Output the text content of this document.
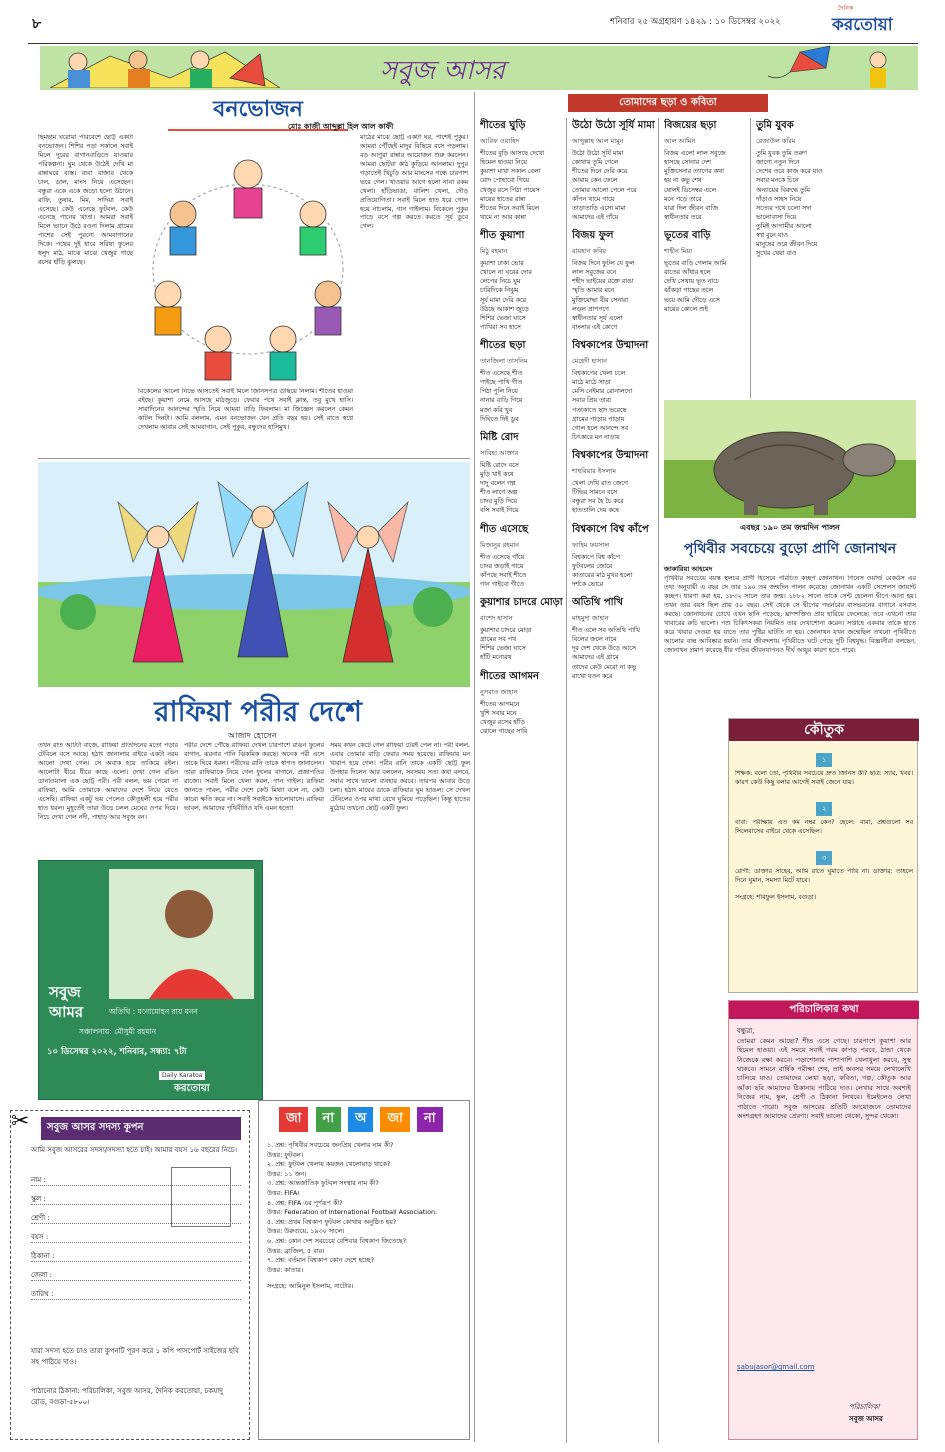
৮	শনিবার ২৫ অগ্রহায়ণ ১৪২৯ : ১০ ডিসেম্বর ২০২২
দৈনিক
করতোয়া
সবুজ আসর
বনভোজন
মোঃ কাজী আব্দুল্লা হিল আল কাফী
ছিমছাম ঘরোয়া পরিবেশে ছোট্ট একটা বনভোজন। শিশির পড়া সকালে সবাই মিলে দূরের বাগানবাড়িতে যাওয়ার পরিকল্পনা। ঘুম থেকে উঠেই দেখি মা রান্নাঘরে ব্যস্ত। বাবা বাজার থেকে চাল, ডাল, মাংস নিয়ে এসেছেন। বন্ধুরা একে একে জড়ো হলো উঠানে। রাফি, তুষার, মিম, সাদিয়া সবাই এসেছে। কেউ এনেছে ফুটবল, কেউ এনেছে গানের খাতা। আমরা সবাই মিলে ভ্যানে উঠে রওনা দিলাম গ্রামের পাশের সেই পুরনো আমবাগানের দিকে। পথের দুই ধারে সরিষা ফুলের হলুদ মাঠ, মাঝে মাঝে খেজুর গাছে রসের হাঁড়ি ঝুলছে।
মাঠের মাঝে ছোট্ট একটা ঘর, পাশেই পুকুর। আমরা পৌঁছেই মাদুর বিছিয়ে বসে পড়লাম। বড় আপুরা রান্নার আয়োজন শুরু করলেন। আমরা ছোটরা কাঠ কুড়িয়ে আনলাম। দুপুর গড়াতেই খিচুড়ি আর মাংসের গন্ধে চারপাশ ভরে গেল। খাওয়ার আগে হলো নানা রকম খেলা। হাঁড়িভাঙা, বালিশ খেলা, দৌড় প্রতিযোগিতা। সবাই মিলে হাত ধরে গোল হয়ে নাচলাম, গান গাইলাম। বিকেলে পুকুর পাড়ে বসে গল্প করতে করতে সূর্য ডুবে গেল।
বিকেলের আলো নিভে আসতেই সবাই মিলে জিনিসপত্র গুছিয়ে নিলাম। শীতের হাওয়া বইছে। কুয়াশা নেমে আসছে মাঠজুড়ে। ফেরার পথে সবাই ক্লান্ত, তবু মুখে হাসি। সারাদিনের আনন্দের স্মৃতি নিয়ে আমরা বাড়ি ফিরলাম। মা জিজ্ঞেস করলেন কেমন কাটল দিনটা। আমি বললাম, এমন বনভোজন যেন প্রতি বছর হয়। সেই রাতে স্বপ্নে দেখলাম আবার সেই আমবাগান, সেই পুকুর, বন্ধুদের হাসিমুখ।
রাফিয়া পরীর দেশে
আজাদ হোসেন
তখন রাত আটটা বাজে, রাফিয়া প্রতিদিনের মতো পড়ার টেবিলে বসে আছে। হঠাৎ জানালার বাইরে একটা নরম আলো দেখা গেল। সে অবাক হয়ে তাকিয়ে রইল। আলোটা ধীরে ধীরে কাছে এলো। দেখা গেল রঙিন ডানাওয়ালা এক ছোট্ট পরী। পরী বলল, ভয় পেয়ো না রাফিয়া, আমি তোমাকে আমাদের দেশে নিয়ে যেতে এসেছি। রাফিয়া একটু ভয় পেলেও কৌতূহলী হয়ে পরীর হাত ধরল। মুহূর্তেই তারা উড়ে চলল মেঘের ওপর দিয়ে। নিচে দেখা গেল নদী, পাহাড় আর সবুজ বন।
পরীর দেশে পৌঁছে রাফিয়া দেখল চারপাশে রঙিন ফুলের বাগান, ঝরনার পানি ঝিকমিক করছে। অনেক পরী এসে তাকে ঘিরে ধরল। পরীদের রানি তাকে স্বাগত জানালেন। তারা রাফিয়াকে নিয়ে গেল ফুলের বাগানে, প্রজাপতির রাজ্যে। সবাই মিলে খেলা করল, গান গাইল। রাফিয়া জানতে পারল, পরীর দেশে কেউ মিথ্যা বলে না, কেউ কারো ক্ষতি করে না। সবাই সবাইকে ভালোবাসে। রাফিয়া ভাবল, আমাদের পৃথিবীটাও যদি এমন হতো!
সময় কখন কেটে গেল রাফিয়া টেরই পেল না। পরী বলল, এবার তোমার বাড়ি ফেরার সময় হয়েছে। রাফিয়ার মন খারাপ হয়ে গেল। পরীর রানি তাকে একটি ছোট্ট ফুল উপহার দিলেন আর বললেন, সবসময় সত্য কথা বলবে, সবার সাথে ভালো ব্যবহার করবে। তারপর আবার উড়ে চলা। হঠাৎ মায়ের ডাকে রাফিয়ার ঘুম ভাঙল। সে দেখল টেবিলের ওপর মাথা রেখে ঘুমিয়ে পড়েছিল। কিন্তু হাতের মুঠোয় তখনো ছোট্ট একটি ফুল।
সবুজ
আমর	অতিথি : মনোমোহন রায় মনন
সঞ্চালনায়: মৌসুমী রহমান
১০ ডিসেম্বর ২০২২, শনিবার, সন্ধ্যা: ৭টা
Daily Karatoa
করতোয়া
✂	সবুজ আসর সদস্য কূপন
আমি সবুজ আসরের সদস্য/সদস্যা হতে চাই। আমার বয়স ১৬ বছরের নিচে।
নাম :
স্কুল :
শ্রেণী :
বয়স :
ঠিকানা :
জেলা :
তারিখ :
যারা সদস্য হতে চাও তারা কুপনটি পূরণ করে ১ কপি পাসপোর্ট সাইজের ছবি সহ পাঠিয়ে দাও।
পাঠানোর ঠিকানা: পরিচালিকা, সবুজ আসর, দৈনিক করতোয়া, চকযাদু রোড, বগুড়া-৫৮০০।
জা না অ জা না

১. প্রশ্ন: পৃথিবীর সবচেয়ে জনপ্রিয় খেলার নাম কী?

উত্তর: ফুটবল।

২. প্রশ্ন: ফুটবল খেলায় কয়জন খেলোয়াড় থাকে?

উত্তর: ১১ জন।

৩. প্রশ্ন: আন্তর্জাতিক ফুটবল সংস্থার নাম কী?

উত্তর: FIFA।

৪. প্রশ্ন: FIFA এর পূর্ণরূপ কী?

উত্তর: Federation of International Football Association.

৫. প্রশ্ন: প্রথম বিশ্বকাপ ফুটবল কোথায় অনুষ্ঠিত হয়?

উত্তর: উরুগুয়ে, ১৯৩০ সালে।

৬. প্রশ্ন: কোন দেশ সবচেয়ে বেশিবার বিশ্বকাপ জিতেছে?

উত্তর: ব্রাজিল, ৫ বার।

৭. প্রশ্ন: বর্তমান বিশ্বকাপ কোন দেশে হচ্ছে?

উত্তর: কাতার।

সংগ্রহে: আমিনুল ইসলাম, নাটোর।

তোমাদের ছড়া ও কবিতা
শীতের ঘুড়ি
আরিফ ওয়াহিদ

শীতের বুড়ি আসছে দেখো

হিমেল হাওয়া নিয়ে

কুয়াশা মাখা সকাল বেলা

রোদ পোহাবো গিয়ে

খেজুর রসে পিঠা পায়েস

মায়ের হাতের রান্না

শীতের দিনে সবাই মিলে

থামে না আর কান্না

শীত কুয়াশা
মিঠু রহমান

কুয়াশা ঢাকা ভোর

খোলে না ঘরের দোর

লেপের নিচে ঘুম

চারিদিকে নিঝুম

সূর্য মামা দেরি করে

উঠছে আকাশ জুড়ে

শিশির ভেজা ঘাসে

পাখিরা সব হাসে

শীতের ছড়া
তানজিলা তাসনিম

শীত এসেছে শীত

গাইছে পাখি গীত

পিঠা পুলি নিয়ে

নানার বাড়ি গিয়ে

মজা করি খুব

দিঘিতে দিই ডুব

মিষ্টি রোদ
সাবিহা আক্তার

মিষ্টি রোদে বসে

মুড়ি খাই কষে

দাদু বলেন গল্প

শীত লাগে অল্প

চাদর মুড়ি দিয়ে

বসি সবাই গিয়ে

শীত এসেছে
মিজানুর রহমান

শীত এসেছে গাঁয়ে

চাদর জড়াই গায়ে

কাঁপছে সবাই শীতে

গান গাইবো গীতে

কুয়াশার চাদরে মোড়া
রাশেদ হাসান

কুয়াশার চাদরে মোড়া

গ্রামের সব পথ

শিশির ভেজা ঘাসে

হাঁটি মনোরথ

শীতের আগমন
নুসরাত জাহান

শীতের আগমনে

খুশি সবার মনে

খেজুর রসের হাঁড়ি

ঝোলে গাছের সারি

উঠো উঠো সূর্যি মামা
আব্দুল্লাহ আল মামুন

উঠো উঠো সূর্যি মামা

কোথায় তুমি গেলে

শীতের দিনে দেরি করে

আমায় কেন ফেলে

তোমার আলো পেলে পরে

কাঁপন থামে গায়ে

তাড়াতাড়ি এসো মামা

আমাদের এই গাঁয়ে

বিজয় ফুল
রায়হান কবির

বিজয় দিনে ফুটল যে ফুল

লাল সবুজের বনে

শহীদ ভাইয়ের রক্তে রাঙা

স্মৃতি আমার মনে

মুক্তিযোদ্ধা বীর সেনারা

লড়ল প্রাণপণে

স্বাধীনতার সূর্য এলো

বাংলার এই কোণে

বিশ্বকাপের উন্মাদনা
মেহেদী হাসান

বিশ্বকাপের খেলা চলে

মাঠে মাঠে সাড়া

মেসি নেইমার রোনালদো

সবার প্রিয় তারা

পতাকাতে ছাদ ভরেছে

গ্রামের পাড়ায় পাড়ায়

গোল হলে আনন্দে সব

চিৎকারে মন নাড়ায়

বিশ্বকাপের উন্মাদনা
শাহরিয়ার ইসলাম

খেলা দেখি রাত জেগে

টিভির সামনে বসে

বন্ধুরা সব হৈ চৈ করে

হাততালি দেয় কষে

বিশ্বকাপে বিশ্ব কাঁপে
ফাহিম ফয়সাল

বিশ্বকাপে বিশ্ব কাঁপে

ফুটবলের জোরে

কাতারের মাঠ মুখর হলো

দর্শকে ভোরে

অতিথি পাখি
মাহমুদা জাহান

শীত এলে সব অতিথি পাখি

বিলের জলে নামে

দূর দেশ থেকে উড়ে আসে

আমাদের এই গ্রামে

তাদের কেউ মেরো না কভু

রাখো যতন করে

বিজয়ের ছড়া
আল আমিন

বিজয় এলো লাল সবুজে

হাসছে সোনার দেশ

মুক্তিসেনার ত্যাগের কথা

হয় না কভু শেষ

ষোলই ডিসেম্বর এলে

মনে পড়ে তারে

যারা দিল জীবন বাজি

স্বাধীনতার তরে

ভূতের বাড়ি
শাহীন মিয়া

ভূতের বাড়ি গেলাম আমি

রাতের আঁধার হলে

দেখি সেথায় ভূত নাচে

ঝাঁকড়া গাছের তলে

ভয়ে আমি দৌড়ে এসে

মায়ের কোলে শুই

তুমি যুবক
রেজাউল করিম

তুমি যুবক তুমি তরুণ

জাগো নতুন দিনে

দেশের তরে কাজ করে যাও

সবার মনকে চিনে

অন্যায়ের বিরুদ্ধে তুমি

দাঁড়াও সাহস নিয়ে

সত্যের পথে চলো সদা

ভালোবাসা দিয়ে

তুমিই আগামীর আলো

স্বপ্ন বুনে যাও

মানুষের তরে জীবন দিয়ে

সুখের খেয়া বাও

এবছর ১৯০ তম জন্মদিন পালন
পৃথিবীর সবচেয়ে বুড়ো প্রাণি জোনাথন
জাকারিয়া আহমেদ
পৃথিবীর সবচেয়ে বয়স্ক স্থলচর প্রাণী হিসেবে পরিচিত কচ্ছপ জোনাথন। গিনেস ওয়ার্ল্ড রেকর্ডস এর তথ্য অনুযায়ী এ বছর সে তার ১৯০ তম জন্মদিন পালন করেছে। জোনাথন একটি সেশেলস জায়ান্ট কচ্ছপ। ধারণা করা হয়, ১৮৩২ সালে তার জন্ম। ১৮৮২ সালে তাকে সেন্ট হেলেনা দ্বীপে আনা হয়। তখন তার বয়স ছিল প্রায় ৫০ বছর। সেই থেকে সে দ্বীপের গভর্নরের বাসভবনের বাগানে বসবাস করছে। জোনাথনের চোখে এখন ছানি পড়েছে, ঘ্রাণশক্তিও প্রায় হারিয়ে ফেলেছে। তবে এখনো তার খাবারের রুচি ভালো। পশু চিকিৎসকরা নিয়মিত তার দেখাশোনা করেন। সপ্তাহে একবার তাকে হাতে করে খাবার দেওয়া হয় যাতে তার পুষ্টির ঘাটতি না হয়। জোনাথন যখন জন্মেছিল তখনো পৃথিবীতে আলোর বাল্ব আবিষ্কার হয়নি। তার জীবদ্দশায় পৃথিবীতে ঘটে গেছে দুটি বিশ্বযুদ্ধ। বিজ্ঞানীরা বলছেন, জোনাথন প্রমাণ করেছে ধীর গতির জীবনযাপনও দীর্ঘ আয়ুর কারণ হতে পারে।
কৌতুক
১
শিক্ষক: বলো তো, পৃথিবীর সবচেয়ে দ্রুত জিনিস কী? ছাত্র: স্যার, খবর। কারণ কেউ কিছু বলার আগেই সবাই জেনে যায়।
২
বাবা: পরীক্ষায় এত কম নম্বর কেন? ছেলে: বাবা, প্রশ্নগুলো সব সিলেবাসের বাইরে থেকে এসেছিল।
৩
রোগী: ডাক্তার সাহেব, আমি রাতে ঘুমাতে পারি না। ডাক্তার: তাহলে দিনে ঘুমান, সমস্যা মিটে যাবে।
সংগ্রহে: শরিফুল ইসলাম, বগুড়া।
পরিচালিকার কথা
বন্ধুরা,
তোমরা কেমন আছো? শীত এসে গেছে। চারপাশে কুয়াশা আর হিমেল হাওয়া। এই সময়ে সবাই গরম কাপড় পরবে, ঠান্ডা থেকে নিজেকে রক্ষা করবে। পড়াশোনার পাশাপাশি খেলাধুলা করবে, সুস্থ থাকবে। সামনে বার্ষিক পরীক্ষা শেষ, তাই অবসর সময়ে লেখালেখি চালিয়ে যাও। তোমাদের লেখা ছড়া, কবিতা, গল্প, কৌতুক আর আঁকা ছবি আমাদের ঠিকানায় পাঠিয়ে দাও। লেখার সাথে অবশ্যই নিজের নাম, স্কুল, শ্রেণী ও ঠিকানা লিখবে। ইমেইলেও লেখা পাঠাতে পারো। সবুজ আসরের প্রতিটি আয়োজনে তোমাদের অংশগ্রহণ আমাদের প্রেরণা। সবাই ভালো থেকো, সুন্দর থেকো।
sabujasor@gmail.com
পরিচালিকা
সবুজ আসর
